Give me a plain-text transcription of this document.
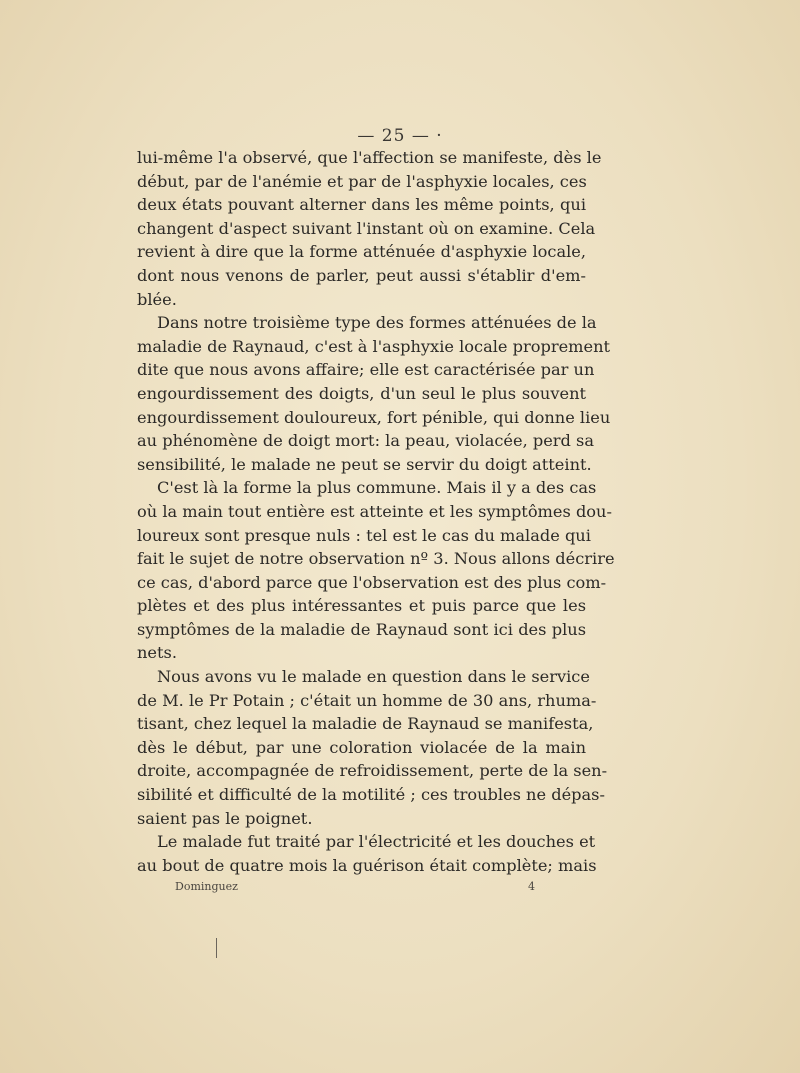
— 25 — ·
lui-même l'a observé, que l'affection se manifeste, dès le
début, par de l'anémie et par de l'asphyxie locales, ces
deux états pouvant alterner dans les même points, qui
changent d'aspect suivant l'instant où on examine. Cela
revient à dire que la forme atténuée d'asphyxie locale,
dont nous venons de parler, peut aussi s'établir d'em-
blée.
Dans notre troisième type des formes atténuées de la
maladie de Raynaud, c'est à l'asphyxie locale proprement
dite que nous avons affaire; elle est caractérisée par un
engourdissement des doigts, d'un seul le plus souvent
engourdissement douloureux, fort pénible, qui donne lieu
au phénomène de doigt mort: la peau, violacée, perd sa
sensibilité, le malade ne peut se servir du doigt atteint.
C'est là la forme la plus commune. Mais il y a des cas
où la main tout entière est atteinte et les symptômes dou-
loureux sont presque nuls : tel est le cas du malade qui
fait le sujet de notre observation nº 3. Nous allons décrire
ce cas, d'abord parce que l'observation est des plus com-
plètes et des plus intéressantes et puis parce que les
symptômes de la maladie de Raynaud sont ici des plus
nets.
Nous avons vu le malade en question dans le service
de M. le Pr Potain ; c'était un homme de 30 ans, rhuma-
tisant, chez lequel la maladie de Raynaud se manifesta,
dès le début, par une coloration violacée de la main
droite, accompagnée de refroidissement, perte de la sen-
sibilité et difficulté de la motilité ; ces troubles ne dépas-
saient pas le poignet.
Le malade fut traité par l'électricité et les douches et
au bout de quatre mois la guérison était complète; mais
Dominguez	4
